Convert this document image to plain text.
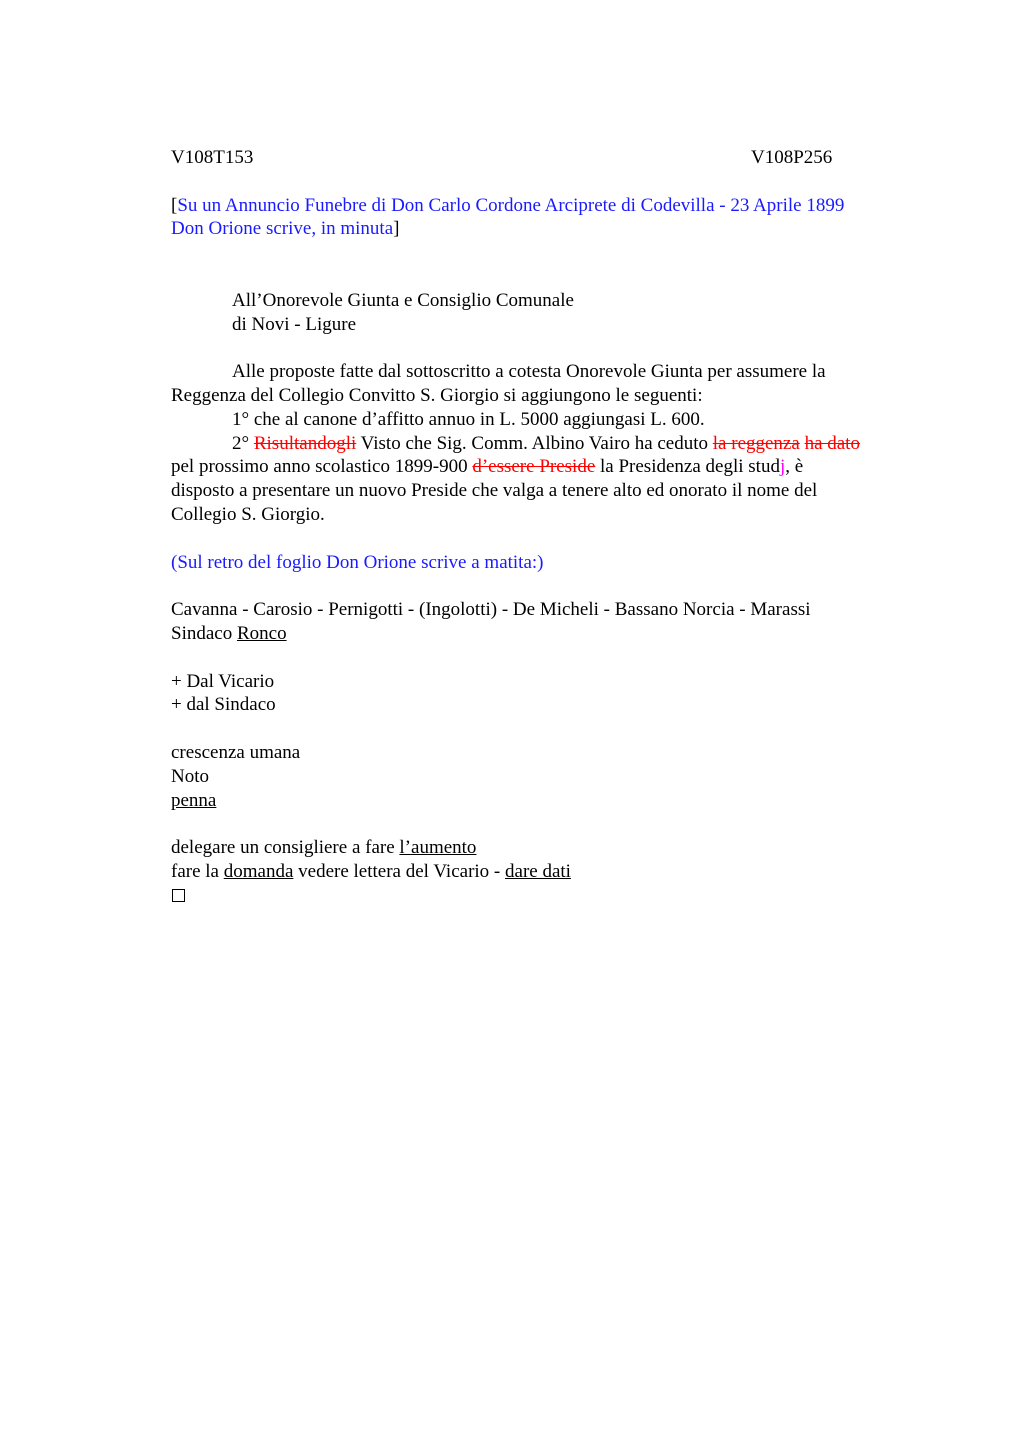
V108T153	V108P256
[Su un Annuncio Funebre di Don Carlo Cordone Arciprete di Codevilla - 23 Aprile 1899
Don Orione scrive, in minuta]
All’Onorevole Giunta e Consiglio Comunale
di Novi - Ligure
Alle proposte fatte dal sottoscritto a cotesta Onorevole Giunta per assumere la
Reggenza del Collegio Convitto S. Giorgio si aggiungono le seguenti:
1° che al canone d’affitto annuo in L. 5000 aggiungasi L. 600.
2° Risultandogli Visto che Sig. Comm. Albino Vairo ha ceduto la reggenza ha dato
pel prossimo anno scolastico 1899-900 d’essere Preside la Presidenza degli studj, è
disposto a presentare un nuovo Preside che valga a tenere alto ed onorato il nome del
Collegio S. Giorgio.
(Sul retro del foglio Don Orione scrive a matita:)
Cavanna - Carosio - Pernigotti - (Ingolotti) - De Micheli - Bassano Norcia - Marassi
Sindaco Ronco
+ Dal Vicario
+ dal Sindaco
crescenza umana
Noto
penna
delegare un consigliere a fare l’aumento
fare la domanda vedere lettera del Vicario - dare dati
